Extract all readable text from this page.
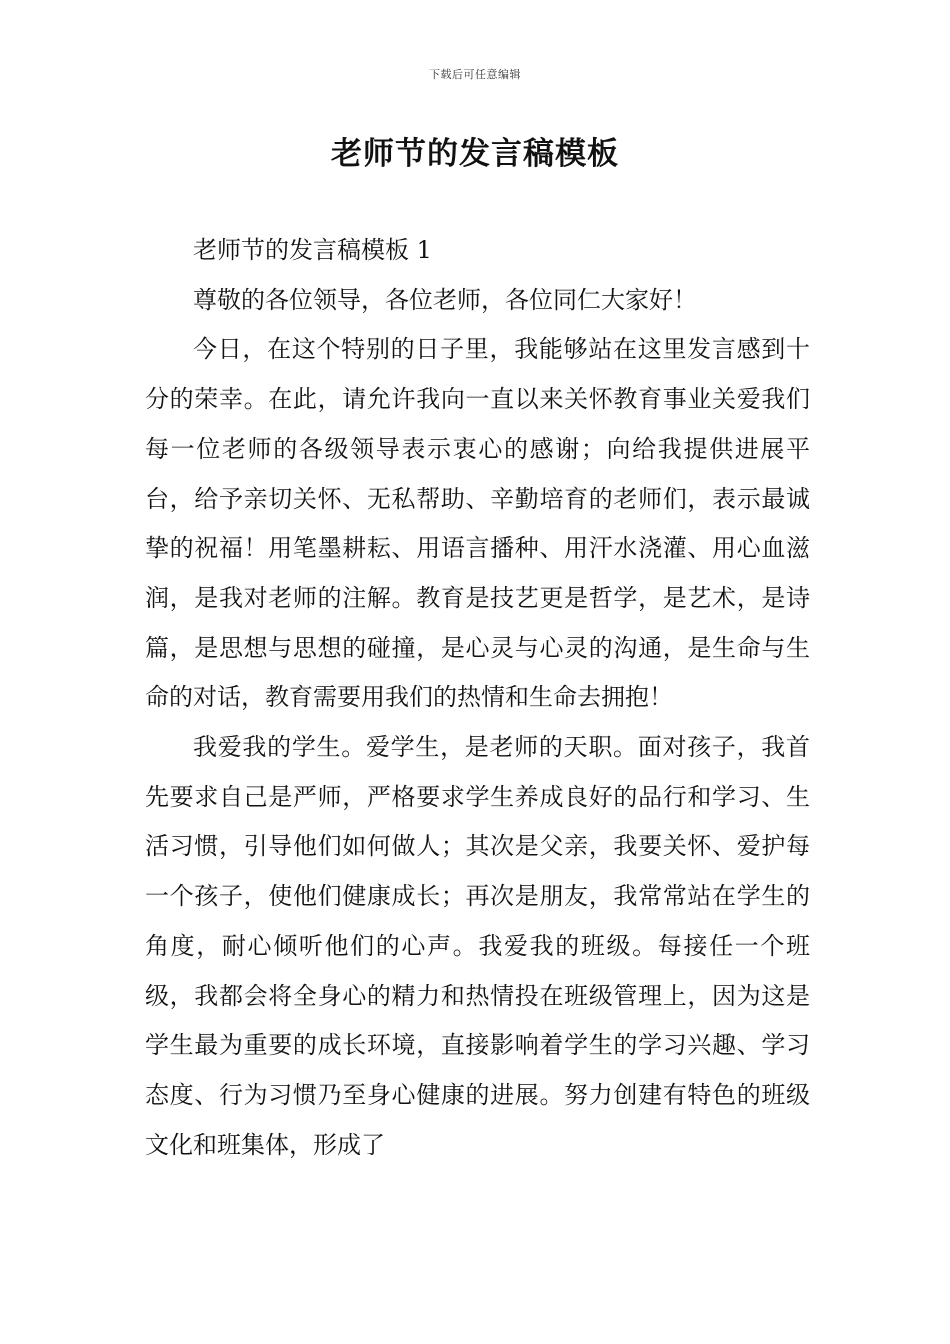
下载后可任意编辑
老师节的发言稿模板

老师节的发言稿模板 1

尊敬的各位领导，各位老师，各位同仁大家好！

今日，在这个特别的日子里，我能够站在这里发言感到十分的荣幸。在此，请允许我向一直以来关怀教育事业关爱我们每一位老师的各级领导表示衷心的感谢；向给我提供进展平台，给予亲切关怀、无私帮助、辛勤培育的老师们，表示最诚挚的祝福！用笔墨耕耘、用语言播种、用汗水浇灌、用心血滋润，是我对老师的注解。教育是技艺更是哲学，是艺术，是诗篇，是思想与思想的碰撞，是心灵与心灵的沟通，是生命与生命的对话，教育需要用我们的热情和生命去拥抱！

我爱我的学生。爱学生，是老师的天职。面对孩子，我首先要求自己是严师，严格要求学生养成良好的品行和学习、生活习惯，引导他们如何做人；其次是父亲，我要关怀、爱护每一个孩子，使他们健康成长；再次是朋友，我常常站在学生的角度，耐心倾听他们的心声。我爱我的班级。每接任一个班级，我都会将全身心的精力和热情投在班级管理上，因为这是学生最为重要的成长环境，直接影响着学生的学习兴趣、学习态度、行为习惯乃至身心健康的进展。努力创建有特色的班级文化和班集体，形成了
